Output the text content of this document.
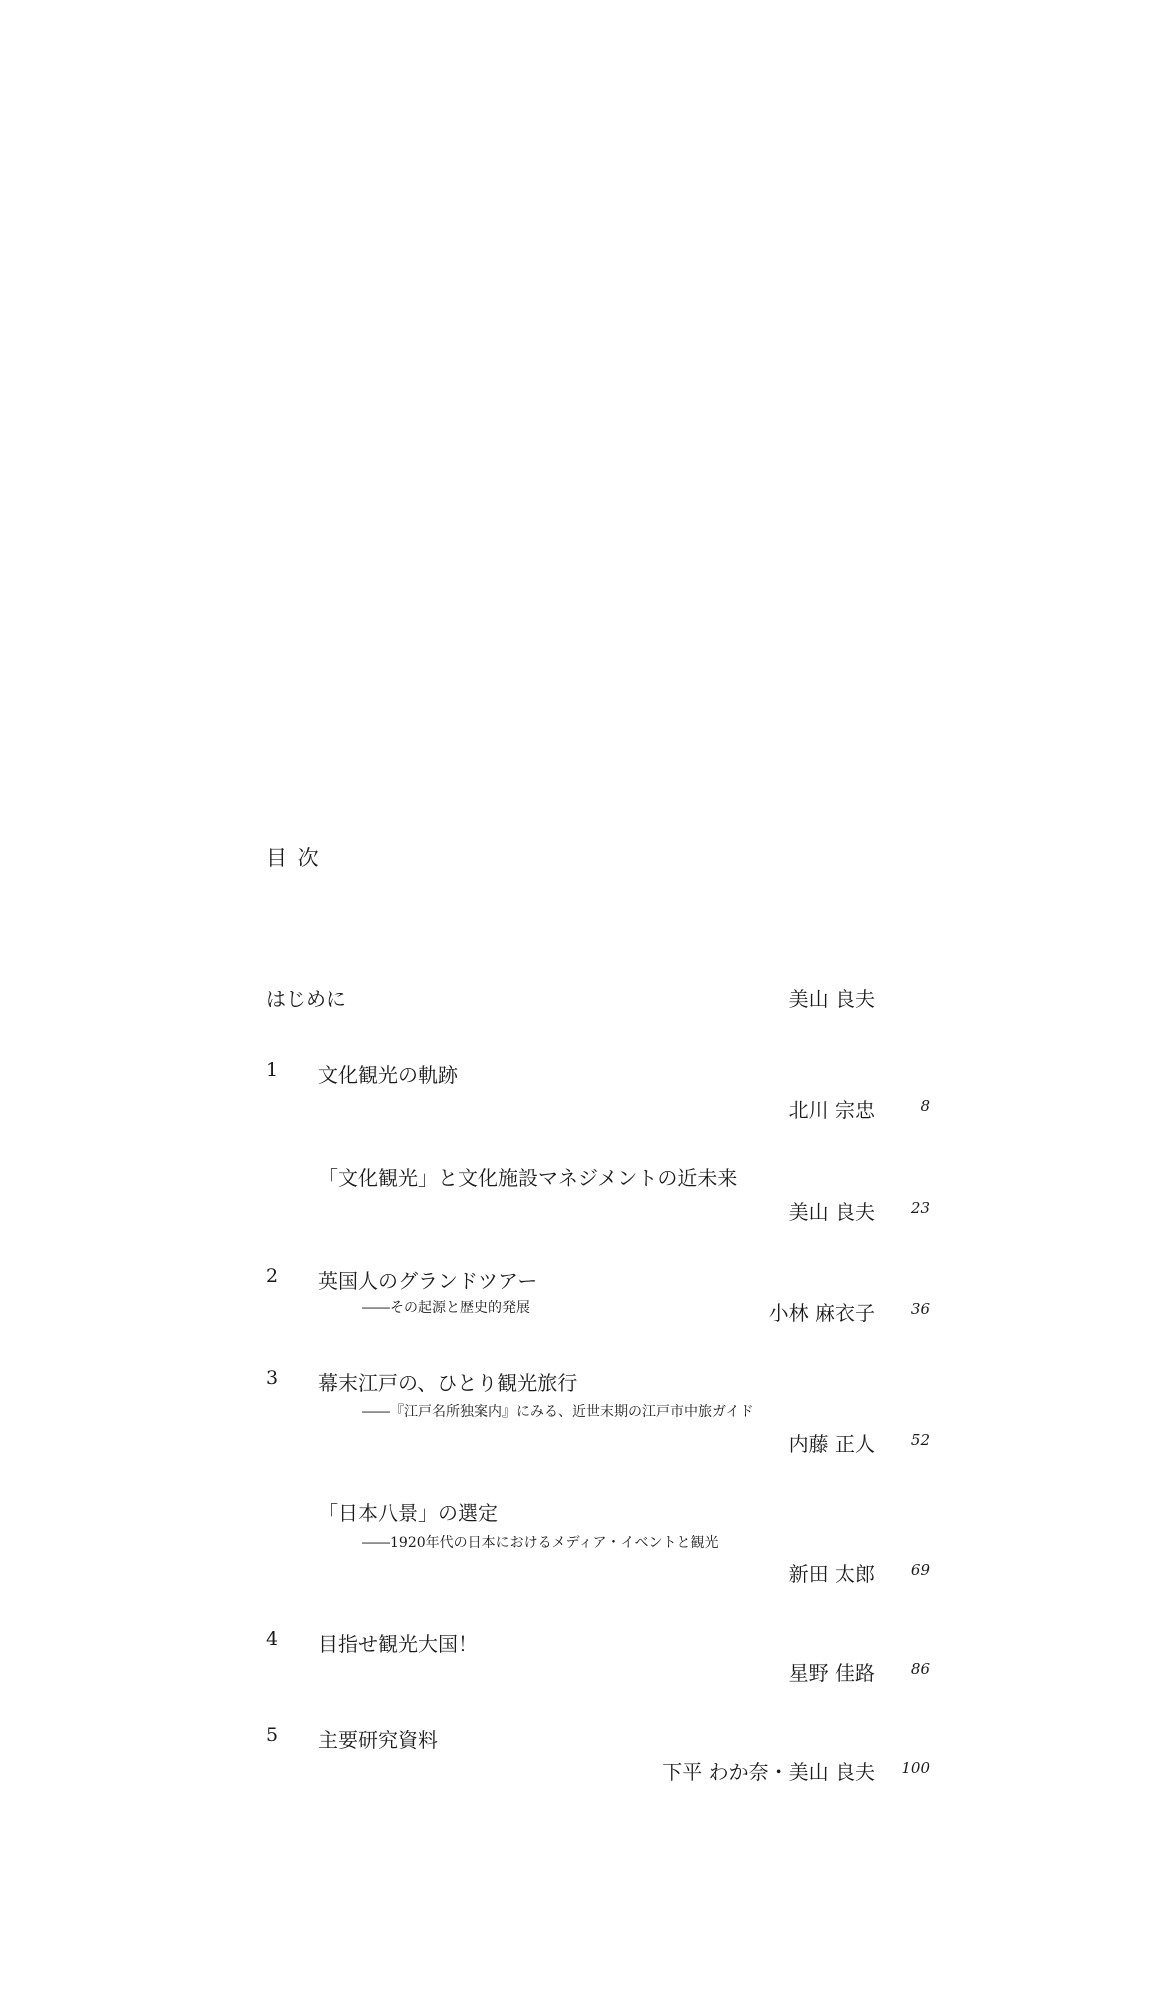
目 次
はじめに	美山 良夫
1 文化観光の軌跡
北川 宗忠	8
「文化観光」と文化施設マネジメントの近未来
美山 良夫	23
2 英国人のグランドツアー
――その起源と歴史的発展	小林 麻衣子	36
3 幕末江戸の、ひとり観光旅行
――『江戸名所独案内』にみる、近世末期の江戸市中旅ガイド
内藤 正人	52
「日本八景」の選定
――1920年代の日本におけるメディア・イベントと観光
新田 太郎	69
4 目指せ観光大国！
星野 佳路	86
5 主要研究資料
下平 わか奈・美山 良夫 100
